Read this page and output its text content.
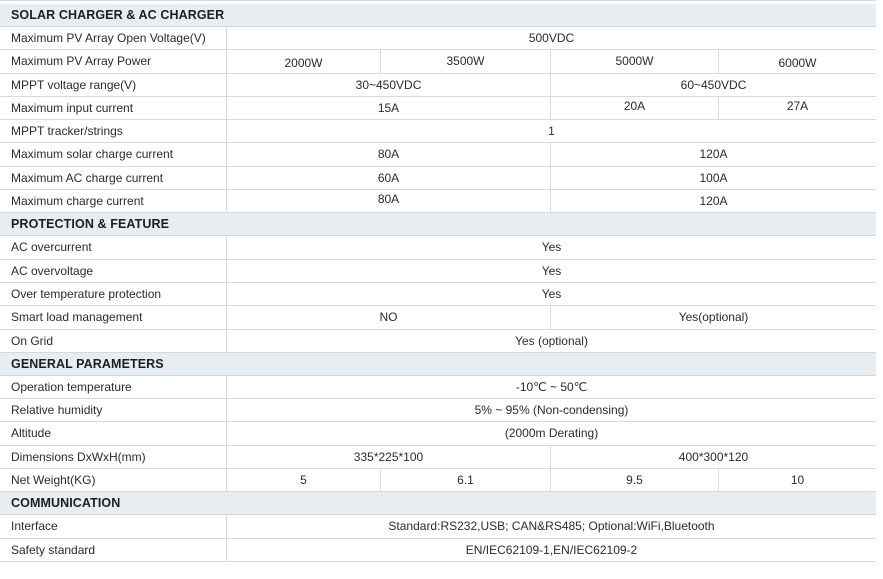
SOLAR CHARGER & AC CHARGER
Maximum PV Array Open Voltage(V)	500VDC
Maximum PV Array Power	2000W	3500W	5000W	6000W
MPPT voltage range(V)	30~450VDC	60~450VDC
Maximum input current	15A	20A	27A
MPPT tracker/strings	1
Maximum solar charge current	80A	120A
Maximum AC charge current	60A	100A
Maximum charge current	80A	120A
PROTECTION & FEATURE
AC overcurrent	Yes
AC overvoltage	Yes
Over temperature protection	Yes
Smart load management	NO	Yes(optional)
On Grid	Yes (optional)
GENERAL PARAMETERS
Operation temperature	-10℃ ~ 50℃
Relative humidity	5% ~ 95% (Non-condensing)
Altitude	(2000m Derating)
Dimensions DxWxH(mm)	335*225*100	400*300*120
Net Weight(KG)	5	6.1	9.5	10
COMMUNICATION
Interface	Standard:RS232,USB; CAN&RS485; Optional:WiFi,Bluetooth
Safety standard	EN/IEC62109-1,EN/IEC62109-2
